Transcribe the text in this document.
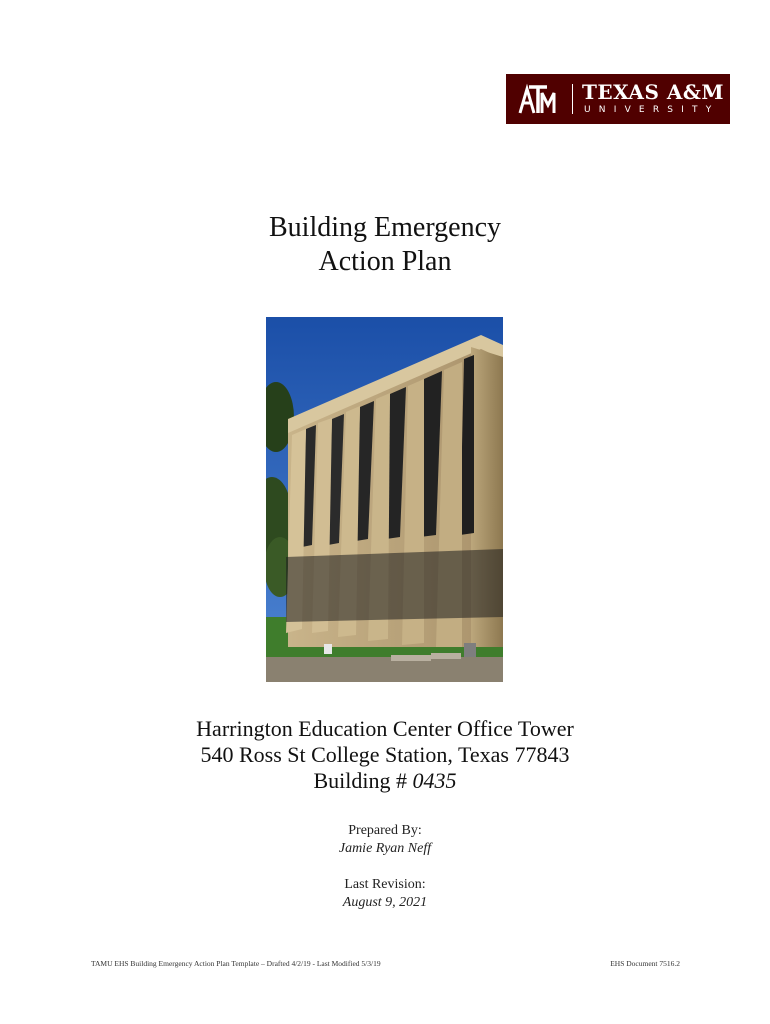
TEXAS A&M
UNIVERSITY
Building Emergency
Action Plan
Harrington Education Center Office Tower
540 Ross St College Station, Texas 77843
Building # 0435
Prepared By:
Jamie Ryan Neff
Last Revision:
August 9, 2021
TAMU EHS Building Emergency Action Plan Template – Drafted 4/2/19 - Last Modified 5/3/19	EHS Document 7516.2
